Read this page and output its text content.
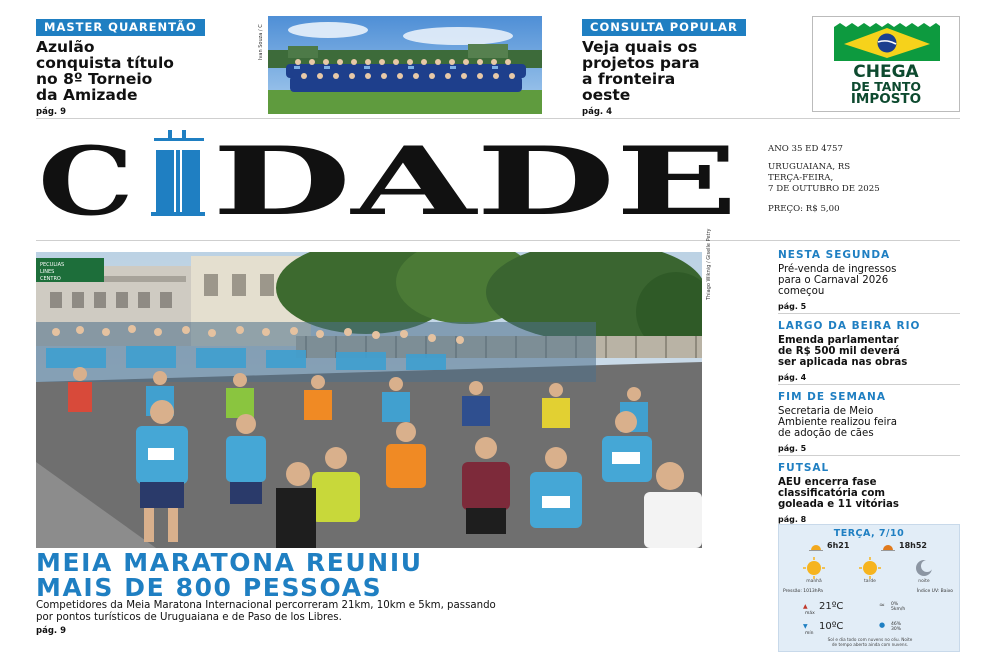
MASTER QUARENTÃO
Azulão
conquista título
no 8º Torneio
da Amizade
pág. 9
Ivan Souza / C	CONSULTA POPULAR
Veja quais os
projetos para
a fronteira
oeste
pág. 4
CHEGA
DE TANTO
IMPOSTO
C DADE	ANO 35 ED 4757
URUGUAIANA, RS
TERÇA-FEIRA,
7 DE OUTUBRO DE 2025
PREÇO: R$ 5,00
PECULIAS
LINES
CENTRO	Thiago Wiknig / Giselle Petry
MEIA MARATONA REUNIU
MAIS DE 800 PESSOAS
Competidores da Meia Maratona Internacional percorreram 21km, 10km e 5km, passando
por pontos turísticos de Uruguaiana e de Paso de los Libres.
pág. 9
NESTA SEGUNDA
Pré-venda de ingressos
para o Carnaval 2026
começou
pág. 5
LARGO DA BEIRA RIO
Emenda parlamentar
de R$ 500 mil deverá
ser aplicada nas obras
pág. 4
FIM DE SEMANA
Secretaria de Meio
Ambiente realizou feira
de adoção de cães
pág. 5
FUTSAL
AEU encerra fase
classificatória com
goleada e 11 vitórias
pág. 8
TERÇA, 7/10
6h21	18h52
manhã	tarde	noite
Pressão: 1013hPa	Índice UV: Baixo
▲ 21ºC
máx
▼ 10ºC
mín
≈ 0%
5km/h
● 46%
30%
Sol e dia todo com nuvens no céu. Noite
de tempo aberto ainda com nuvens.
